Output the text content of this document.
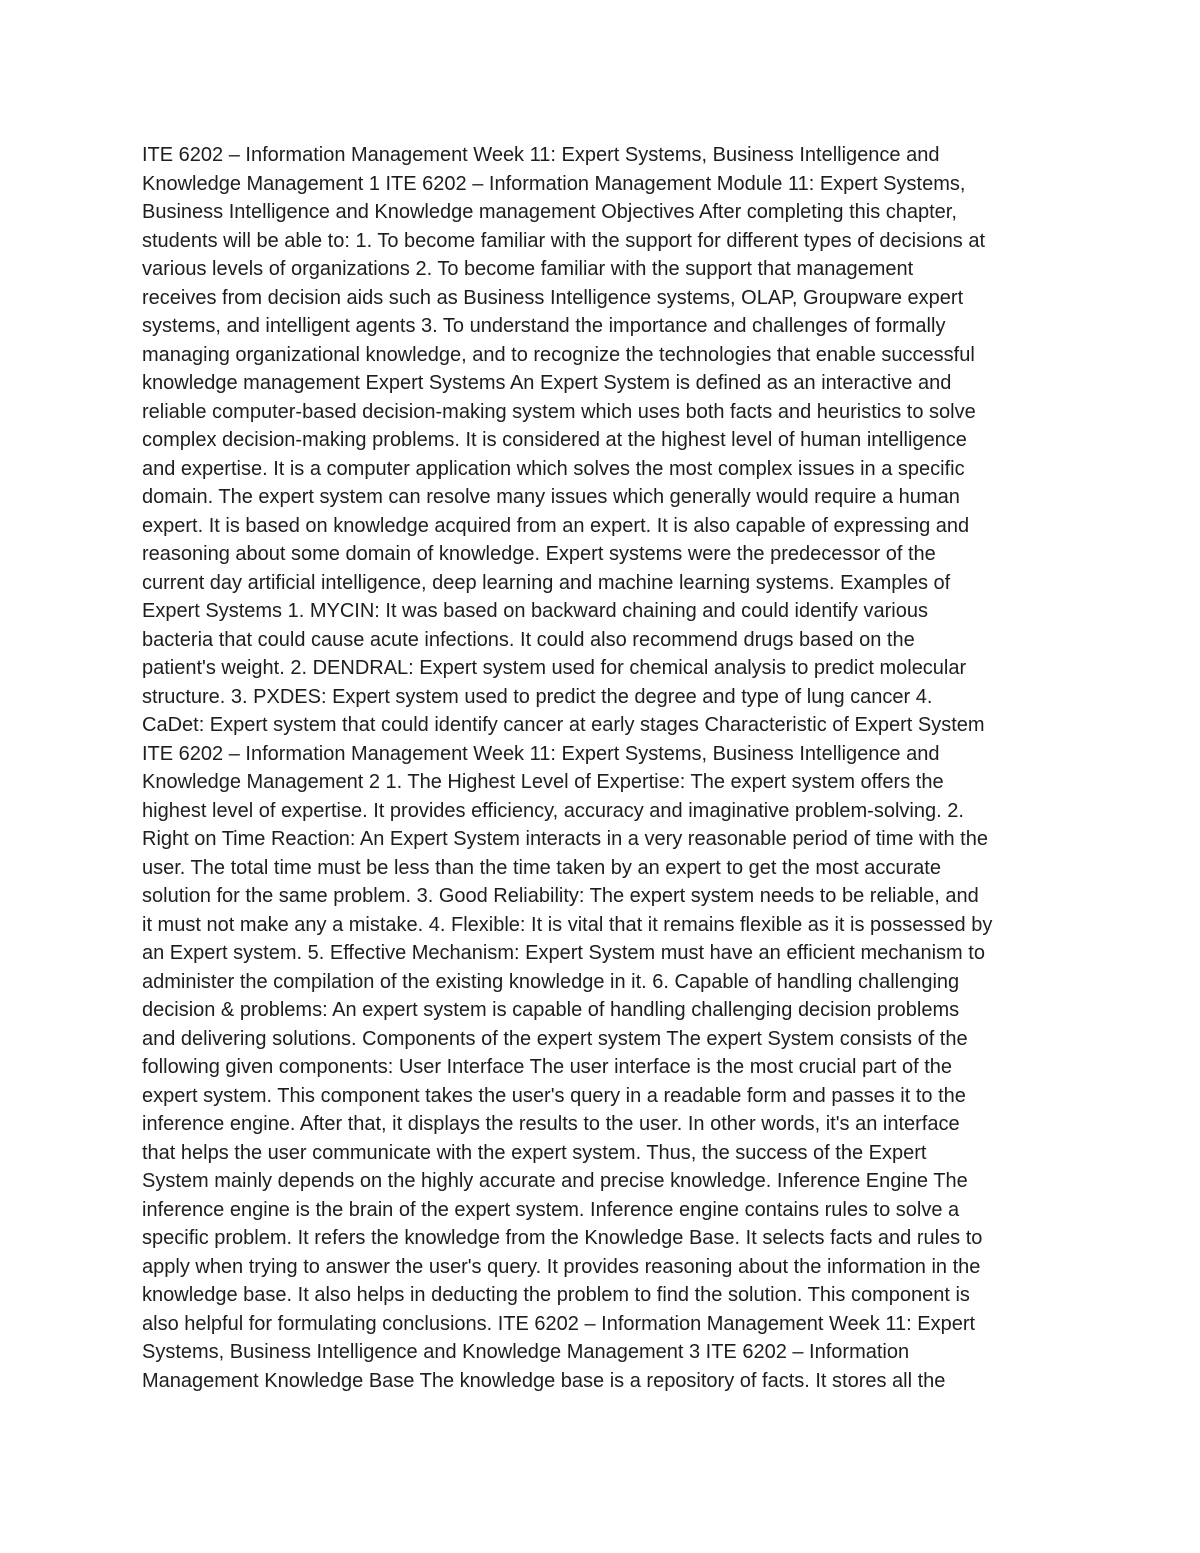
ITE 6202 – Information Management Week 11: Expert Systems, Business Intelligence and
Knowledge Management 1 ITE 6202 – Information Management Module 11: Expert Systems,
Business Intelligence and Knowledge management Objectives After completing this chapter,
students will be able to: 1. To become familiar with the support for different types of decisions at
various levels of organizations 2. To become familiar with the support that management
receives from decision aids such as Business Intelligence systems, OLAP, Groupware expert
systems, and intelligent agents 3. To understand the importance and challenges of formally
managing organizational knowledge, and to recognize the technologies that enable successful
knowledge management Expert Systems An Expert System is defined as an interactive and
reliable computer-based decision-making system which uses both facts and heuristics to solve
complex decision-making problems. It is considered at the highest level of human intelligence
and expertise. It is a computer application which solves the most complex issues in a specific
domain. The expert system can resolve many issues which generally would require a human
expert. It is based on knowledge acquired from an expert. It is also capable of expressing and
reasoning about some domain of knowledge. Expert systems were the predecessor of the
current day artificial intelligence, deep learning and machine learning systems. Examples of
Expert Systems 1. MYCIN: It was based on backward chaining and could identify various
bacteria that could cause acute infections. It could also recommend drugs based on the
patient's weight. 2. DENDRAL: Expert system used for chemical analysis to predict molecular
structure. 3. PXDES: Expert system used to predict the degree and type of lung cancer 4.
CaDet: Expert system that could identify cancer at early stages Characteristic of Expert System
ITE 6202 – Information Management Week 11: Expert Systems, Business Intelligence and
Knowledge Management 2 1. The Highest Level of Expertise: The expert system offers the
highest level of expertise. It provides efficiency, accuracy and imaginative problem-solving. 2.
Right on Time Reaction: An Expert System interacts in a very reasonable period of time with the
user. The total time must be less than the time taken by an expert to get the most accurate
solution for the same problem. 3. Good Reliability: The expert system needs to be reliable, and
it must not make any a mistake. 4. Flexible: It is vital that it remains flexible as it is possessed by
an Expert system. 5. Effective Mechanism: Expert System must have an efficient mechanism to
administer the compilation of the existing knowledge in it. 6. Capable of handling challenging
decision & problems: An expert system is capable of handling challenging decision problems
and delivering solutions. Components of the expert system The expert System consists of the
following given components: User Interface The user interface is the most crucial part of the
expert system. This component takes the user's query in a readable form and passes it to the
inference engine. After that, it displays the results to the user. In other words, it's an interface
that helps the user communicate with the expert system. Thus, the success of the Expert
System mainly depends on the highly accurate and precise knowledge. Inference Engine The
inference engine is the brain of the expert system. Inference engine contains rules to solve a
specific problem. It refers the knowledge from the Knowledge Base. It selects facts and rules to
apply when trying to answer the user's query. It provides reasoning about the information in the
knowledge base. It also helps in deducting the problem to find the solution. This component is
also helpful for formulating conclusions. ITE 6202 – Information Management Week 11: Expert
Systems, Business Intelligence and Knowledge Management 3 ITE 6202 – Information
Management Knowledge Base The knowledge base is a repository of facts. It stores all the
